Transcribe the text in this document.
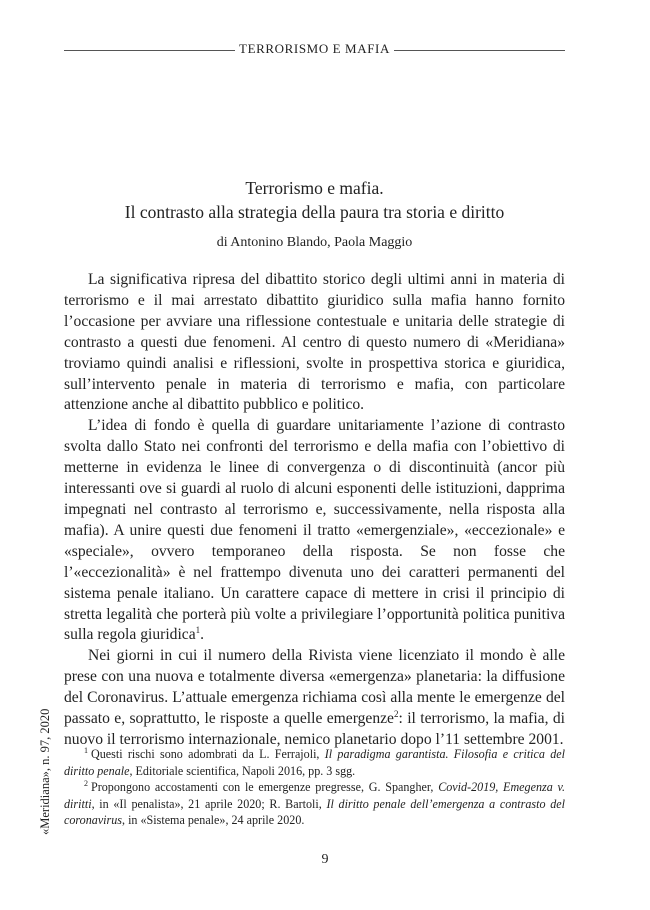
TERRORISMO E MAFIA
Terrorismo e mafia.
Il contrasto alla strategia della paura tra storia e diritto
di Antonino Blando, Paola Maggio

La significativa ripresa del dibattito storico degli ultimi anni in materia di terrorismo e il mai arrestato dibattito giuridico sulla mafia hanno fornito l’occasione per avviare una riflessione contestuale e unitaria delle strategie di contrasto a questi due fenomeni. Al centro di questo numero di «Meridiana» troviamo quindi analisi e riflessioni, svolte in prospettiva storica e giuridica, sull’intervento penale in materia di terrorismo e mafia, con particolare attenzione anche al dibattito pubblico e politico.

L’idea di fondo è quella di guardare unitariamente l’azione di contrasto svolta dallo Stato nei confronti del terrorismo e della mafia con l’obiettivo di metterne in evidenza le linee di convergenza o di discontinuità (ancor più interessanti ove si guardi al ruolo di alcuni esponenti delle istituzioni, dapprima impegnati nel contrasto al terrorismo e, successivamente, nella risposta alla mafia). A unire questi due fenomeni il tratto «emergenziale», «eccezionale» e «speciale», ovvero temporaneo della risposta. Se non fosse che l’«eccezionalità» è nel frattempo divenuta uno dei caratteri permanenti del sistema penale italiano. Un carattere capace di mettere in crisi il principio di stretta legalità che porterà più volte a privilegiare l’opportunità politica punitiva sulla regola giuridica$^1$.

Nei giorni in cui il numero della Rivista viene licenziato il mondo è alle prese con una nuova e totalmente diversa «emergenza» planetaria: la diffusione del Coronavirus. L’attuale emergenza richiama così alla mente le emergenze del passato e, soprattutto, le risposte a quelle emergenze$^2$: il terrorismo, la mafia, di nuovo il terrorismo internazionale, nemico planetario dopo l’11 settembre 2001.

$^1$ Questi rischi sono adombrati da L. Ferrajoli, Il paradigma garantista. Filosofia e critica del diritto penale, Editoriale scientifica, Napoli 2016, pp. 3 sgg.

$^2$ Propongono accostamenti con le emergenze pregresse, G. Spangher, Covid-2019, Emegenza v. diritti, in «Il penalista», 21 aprile 2020; R. Bartoli, Il diritto penale dell’emergenza a contrasto del coronavirus, in «Sistema penale», 24 aprile 2020.

«Meridiana», n. 97, 2020
9
